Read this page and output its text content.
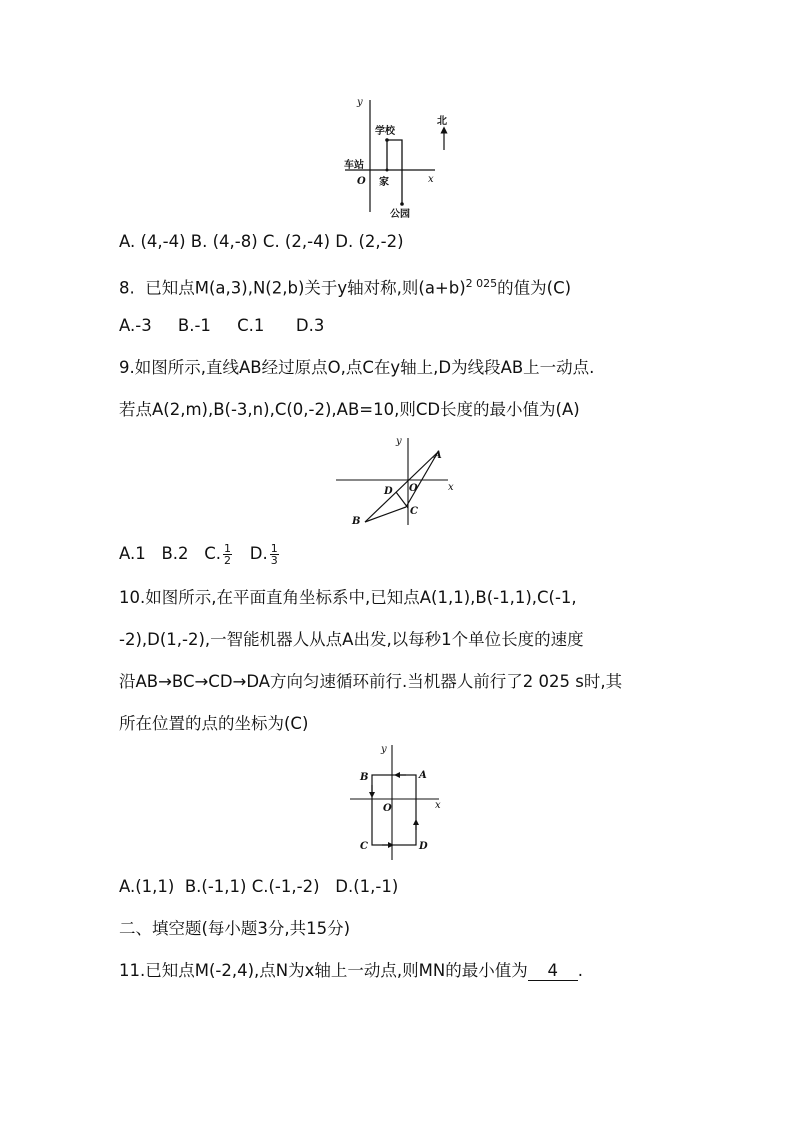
y
x
O
学校
车站
家
公园
北
A. (4,-4) B. (4,-8) C. (2,-4) D. (2,-2)
8.  已知点M(a,3),N(2,b)关于y轴对称,则$(a+b)^{2 025}$的值为(C)
A.-3     B.-1     C.1      D.3
9.如图所示,直线AB经过原点O,点C在y轴上,D为线段AB上一动点.
若点A(2,m),B(-3,n),C(0,-2),AB=10,则CD长度的最小值为(A)
y
x
A
B
C
D O
A.1   B.2   C. $\frac{1}{2} D$. $\frac{1}{3}$
10.如图所示,在平面直角坐标系中,已知点A(1,1),B(-1,1),C(-1,
-2),D(1,-2),一智能机器人从点A出发,以每秒1个单位长度的速度
沿AB→BC→CD→DA方向匀速循环前行.当机器人前行了2 025 s时,其
所在位置的点的坐标为(C)
y
x
A
B
C	D
O
A.(1,1)  B.(-1,1) C.(-1,-2)   D.(1,-1)
二、填空题(每小题3分,共15分)
11.已知点M(-2,4),点N为x轴上一动点,则MN的最小值为 4 .
